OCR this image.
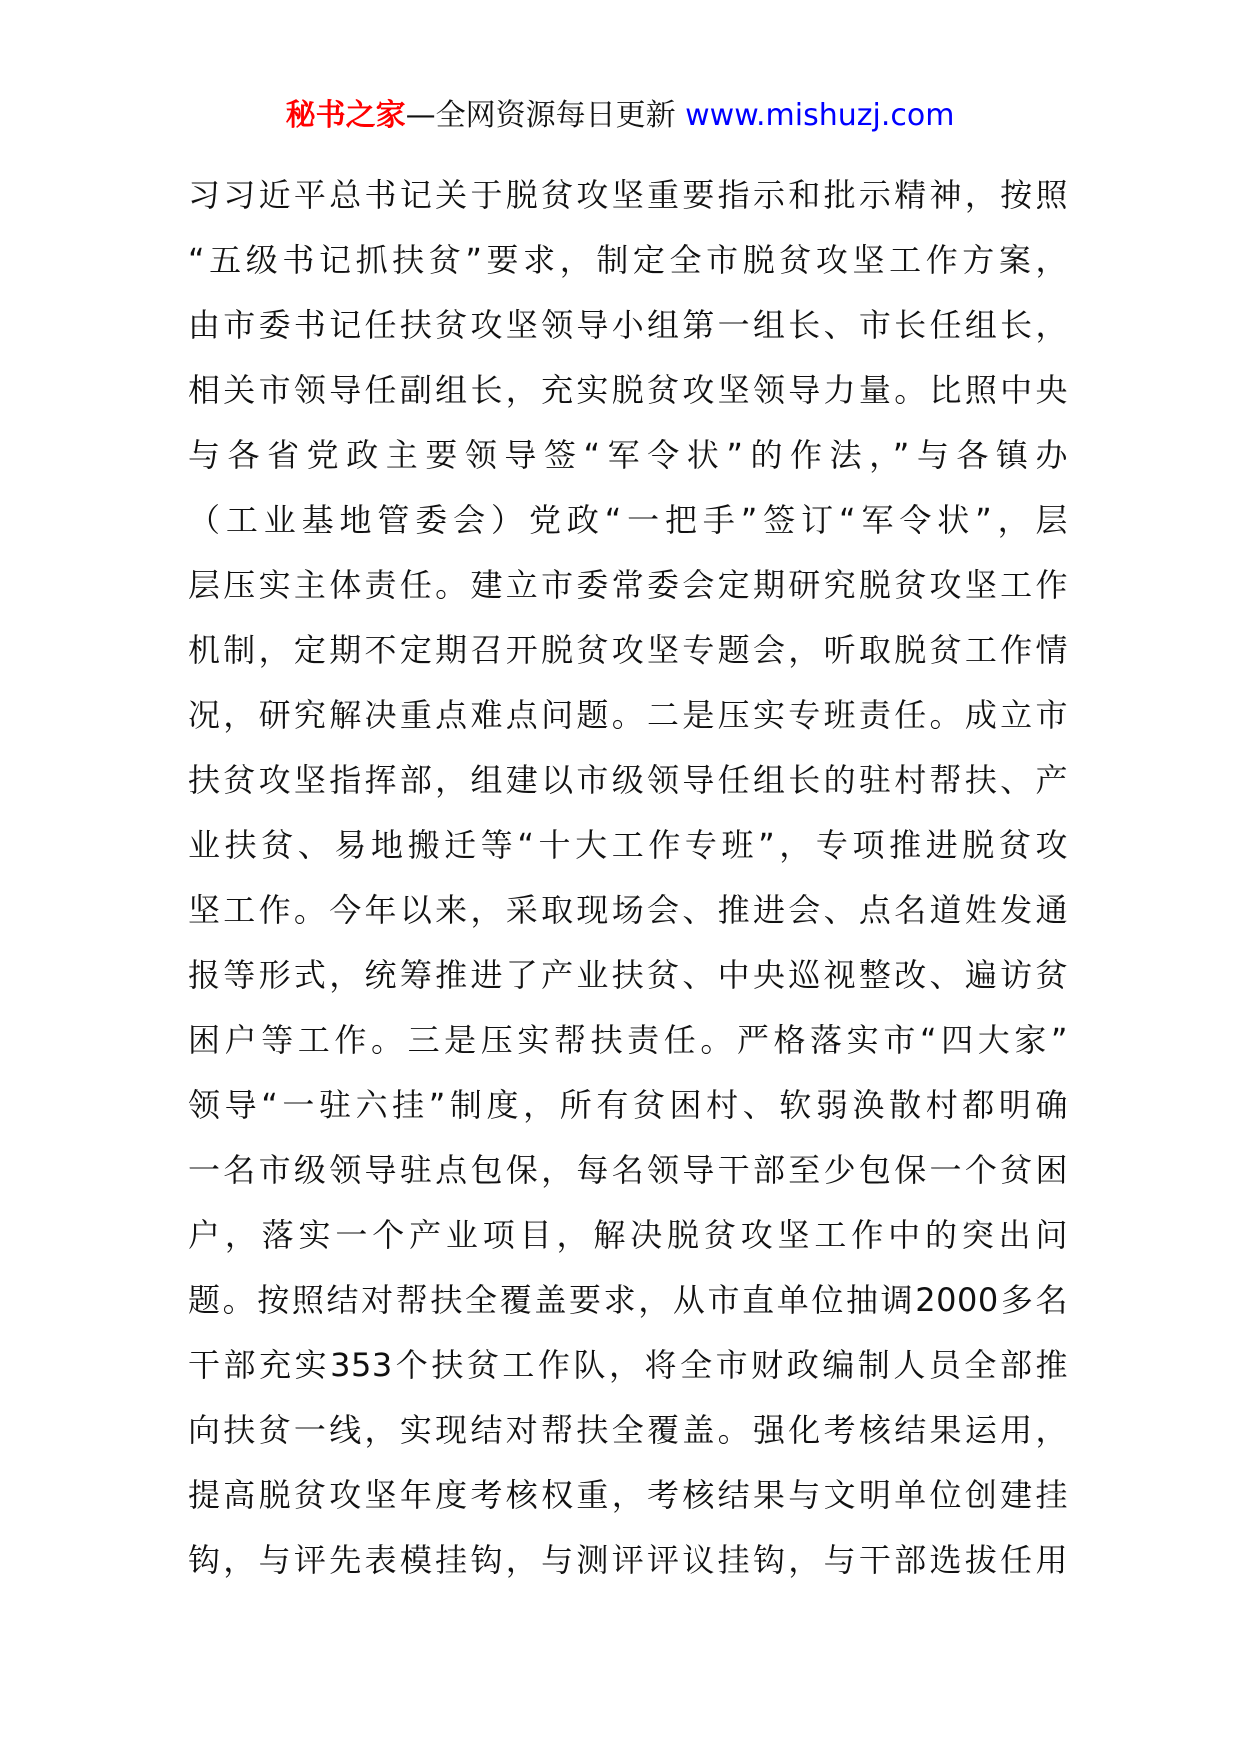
秘书之家—全网资源每日更新 www.mishuzj.com
习习近平总书记关于脱贫攻坚重要指示和批示精神，按照
“五级书记抓扶贫”要求，制定全市脱贫攻坚工作方案，
由市委书记任扶贫攻坚领导小组第一组长、市长任组长，
相关市领导任副组长，充实脱贫攻坚领导力量。比照中央
与各省党政主要领导签“军令状”的作法，”与各镇办
（工业基地管委会）党政“一把手”签订“军令状”，层
层压实主体责任。建立市委常委会定期研究脱贫攻坚工作
机制，定期不定期召开脱贫攻坚专题会，听取脱贫工作情
况，研究解决重点难点问题。二是压实专班责任。成立市
扶贫攻坚指挥部，组建以市级领导任组长的驻村帮扶、产
业扶贫、易地搬迁等“十大工作专班”，专项推进脱贫攻
坚工作。今年以来，采取现场会、推进会、点名道姓发通
报等形式，统筹推进了产业扶贫、中央巡视整改、遍访贫
困户等工作。三是压实帮扶责任。严格落实市“四大家”
领导“一驻六挂”制度，所有贫困村、软弱涣散村都明确
一名市级领导驻点包保，每名领导干部至少包保一个贫困
户，落实一个产业项目，解决脱贫攻坚工作中的突出问
题。按照结对帮扶全覆盖要求，从市直单位抽调2000多名
干部充实353个扶贫工作队，将全市财政编制人员全部推
向扶贫一线，实现结对帮扶全覆盖。强化考核结果运用，
提高脱贫攻坚年度考核权重，考核结果与文明单位创建挂
钩，与评先表模挂钩，与测评评议挂钩，与干部选拔任用
